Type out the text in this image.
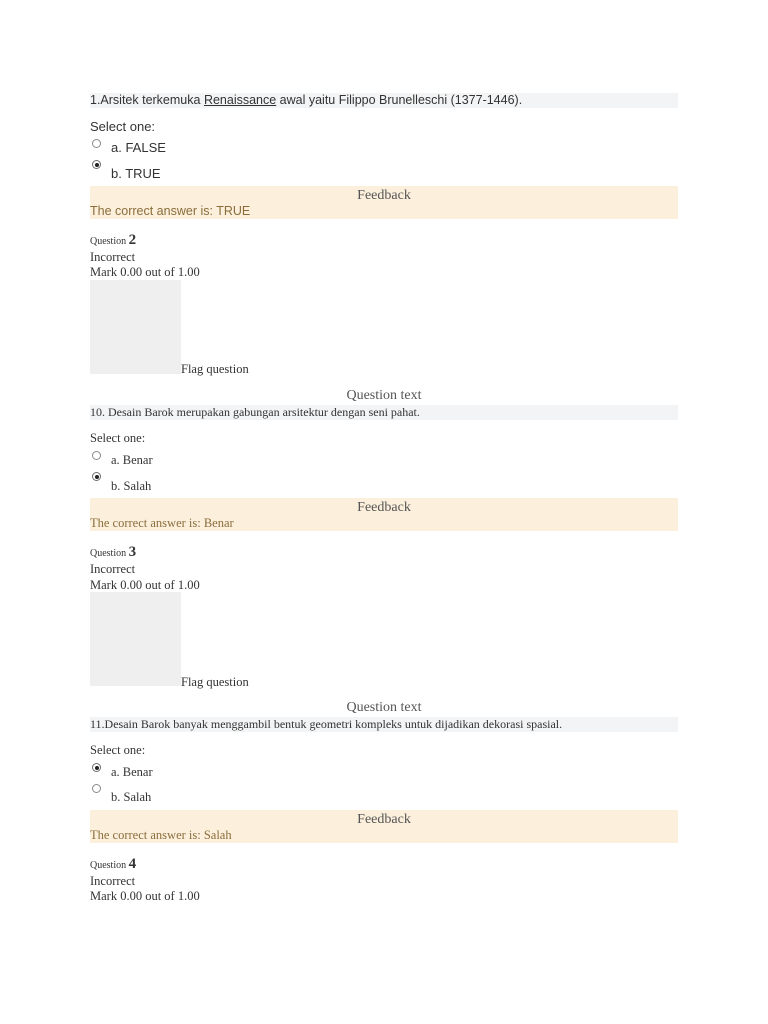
1.Arsitek terkemuka Renaissance awal yaitu Filippo Brunelleschi (1377-1446).
Select one:
a. FALSE
b. TRUE
Feedback
The correct answer is: TRUE
Question 2
Incorrect
Mark 0.00 out of 1.00
Flag question
Question text
10. Desain Barok merupakan gabungan arsitektur dengan seni pahat.
Select one:
a. Benar
b. Salah
Feedback
The correct answer is: Benar
Question 3
Incorrect
Mark 0.00 out of 1.00
Flag question
Question text
11.Desain Barok banyak menggambil bentuk geometri kompleks untuk dijadikan dekorasi spasial.
Select one:
a. Benar
b. Salah
Feedback
The correct answer is: Salah
Question 4
Incorrect
Mark 0.00 out of 1.00
